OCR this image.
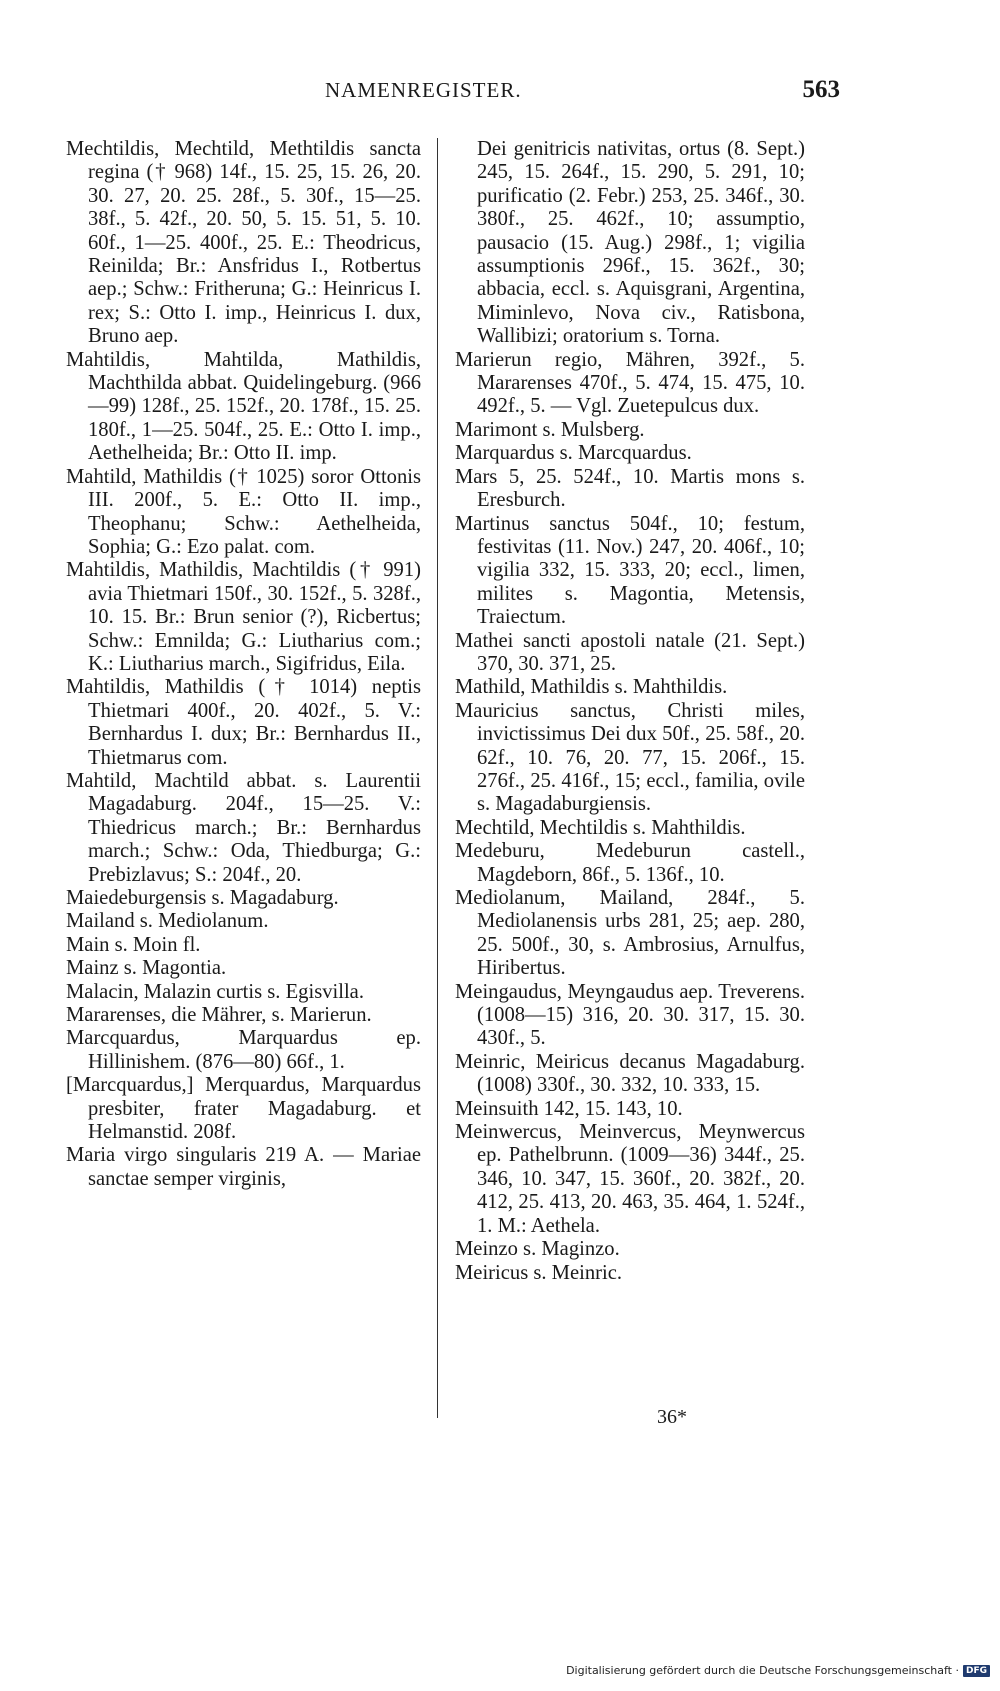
NAMENREGISTER.	563

Mechtildis, Mechtild, Methtildis sancta regina († 968) 14f., 15. 25, 15. 26, 20. 30. 27, 20. 25. 28f., 5. 30f., 15—25. 38f., 5. 42f., 20. 50, 5. 15. 51, 5. 10. 60f., 1—25. 400f., 25. E.: Theodricus, Reinilda; Br.: Ansfridus I., Rotbertus aep.; Schw.: Fritheruna; G.: Heinricus I. rex; S.: Otto I. imp., Heinricus I. dux, Bruno aep.

Mahtildis, Mahtilda, Mathildis, Machthilda abbat. Quidelingeburg. (966—99) 128f., 25. 152f., 20. 178f., 15. 25. 180f., 1—25. 504f., 25. E.: Otto I. imp., Aethelheida; Br.: Otto II. imp.

Mahtild, Mathildis († 1025) soror Ottonis III. 200f., 5. E.: Otto II. imp., Theophanu; Schw.: Aethelheida, Sophia; G.: Ezo palat. com.

Mahtildis, Mathildis, Machtildis († 991) avia Thietmari 150f., 30. 152f., 5. 328f., 10. 15. Br.: Brun senior (?), Ricbertus; Schw.: Emnilda; G.: Liutharius com.; K.: Liutharius march., Sigifridus, Eila.

Mahtildis, Mathildis († 1014) neptis Thietmari 400f., 20. 402f., 5. V.: Bernhardus I. dux; Br.: Bernhardus II., Thietmarus com.

Mahtild, Machtild abbat. s. Laurentii Magadaburg. 204f., 15—25. V.: Thiedricus march.; Br.: Bernhardus march.; Schw.: Oda, Thiedburga; G.: Prebizlavus; S.: 204f., 20.

Maiedeburgensis s. Magadaburg.

Mailand s. Mediolanum.

Main s. Moin fl.

Mainz s. Magontia.

Malacin, Malazin curtis s. Egisvilla.

Mararenses, die Mährer, s. Marierun.

Marcquardus, Marquardus ep. Hillinishem. (876—80) 66f., 1.

[Marcquardus,] Merquardus, Marquardus presbiter, frater Magadaburg. et Helmanstid. 208f.

Maria virgo singularis 219 A. — Mariae sanctae semper virginis,

Dei genitricis nativitas, ortus (8. Sept.) 245, 15. 264f., 15. 290, 5. 291, 10; purificatio (2. Febr.) 253, 25. 346f., 30. 380f., 25. 462f., 10; assumptio, pausacio (15. Aug.) 298f., 1; vigilia assumptionis 296f., 15. 362f., 30; abbacia, eccl. s. Aquisgrani, Argentina, Miminlevo, Nova civ., Ratisbona, Wallibizi; oratorium s. Torna.

Marierun regio, Mähren, 392f., 5. Mararenses 470f., 5. 474, 15. 475, 10. 492f., 5. — Vgl. Zuetepulcus dux.

Marimont s. Mulsberg.

Marquardus s. Marcquardus.

Mars 5, 25. 524f., 10. Martis mons s. Eresburch.

Martinus sanctus 504f., 10; festum, festivitas (11. Nov.) 247, 20. 406f., 10; vigilia 332, 15. 333, 20; eccl., limen, milites s. Magontia, Metensis, Traiectum.

Mathei sancti apostoli natale (21. Sept.) 370, 30. 371, 25.

Mathild, Mathildis s. Mahthildis.

Mauricius sanctus, Christi miles, invictissimus Dei dux 50f., 25. 58f., 20. 62f., 10. 76, 20. 77, 15. 206f., 15. 276f., 25. 416f., 15; eccl., familia, ovile s. Magadaburgiensis.

Mechtild, Mechtildis s. Mahthildis.

Medeburu, Medeburun castell., Magdeborn, 86f., 5. 136f., 10.

Mediolanum, Mailand, 284f., 5. Mediolanensis urbs 281, 25; aep. 280, 25. 500f., 30, s. Ambrosius, Arnulfus, Hiribertus.

Meingaudus, Meyngaudus aep. Treverens. (1008—15) 316, 20. 30. 317, 15. 30. 430f., 5.

Meinric, Meiricus decanus Magadaburg. (1008) 330f., 30. 332, 10. 333, 15.

Meinsuith 142, 15. 143, 10.

Meinwercus, Meinvercus, Meynwercus ep. Pathelbrunn. (1009—36) 344f., 25. 346, 10. 347, 15. 360f., 20. 382f., 20. 412, 25. 413, 20. 463, 35. 464, 1. 524f., 1. M.: Aethela.

Meinzo s. Maginzo.

Meiricus s. Meinric.

36*
Digitalisierung gefördert durch die Deutsche Forschungsgemeinschaft · DFG
